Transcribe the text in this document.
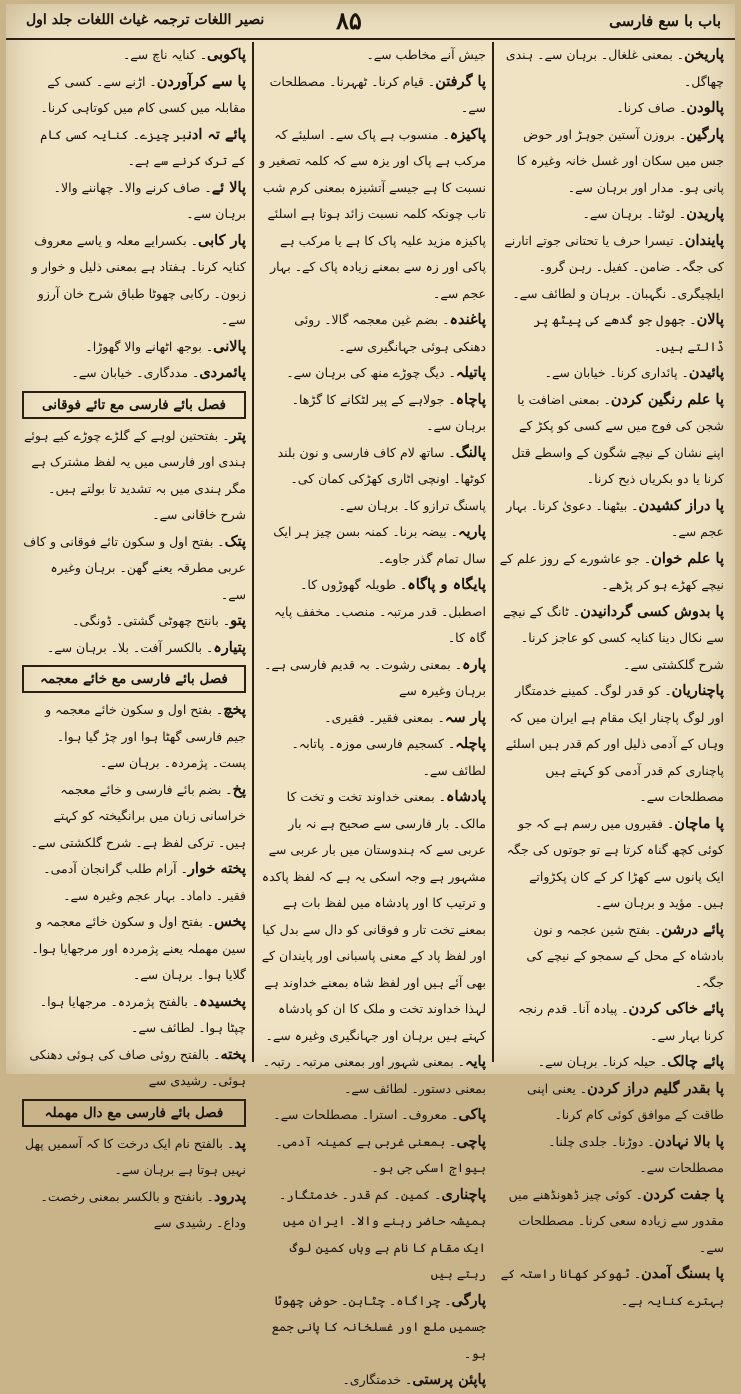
باب با سع فارسی
۸۵
نصیر اللغات ترجمہ غیاث اللغات جلد اول

پاریخن۔ بمعنی غلغال۔ برہان سے۔ ہندی چھاگل۔

پالودن۔ صاف کرنا۔

پارگین۔ بروزن آستین جوہڑ اور حوض جس میں سکان اور غسل خانہ وغیرہ کا پانی ہو۔ مدار اور برہان سے۔

پاریدن۔ لوٹنا۔ برہان سے۔

پایندان۔ تیسرا حرف یا تحتانی جوتے اتارنے کی جگہ۔ ضامن۔ کفیل۔ رہن گرو۔ ایلچیگری۔ نگہبان۔ برہان و لطائف سے۔

پالان۔ جھول جو گدھے کی پیٹھ پر ڈالتے ہیں۔

پائیدن۔ پائداری کرنا۔ خیابان سے۔

پا علم رنگین کردن۔ بمعنی اضافت یا شجن کی فوج میں سے کسی کو پکڑ کے اپنے نشان کے نیچے شگون کے واسطے قتل کرنا یا دو بکریاں ذبح کرنا۔

پا دراز کشیدن۔ بیٹھنا۔ دعویٰ کرنا۔ بہار عجم سے۔

پا علم خوان۔ جو عاشورے کے روز علم کے نیچے کھڑے ہو کر پڑھے۔

پا بدوش کسی گردانیدن۔ ٹانگ کے نیچے سے نکال دینا کنایہ کسی کو عاجز کرنا۔ شرح گلکشتی سے۔

پاچناریان۔ کو قدر لوگ۔ کمینے خدمتگار اور لوگ پاچنار ایک مقام ہے ایران میں کہ وہاں کے آدمی ذلیل اور کم قدر ہیں اسلئے پاچناری کم قدر آدمی کو کہتے ہیں مصطلحات سے۔

پا ماچان۔ فقیروں میں رسم ہے کہ جو کوئی کچھ گناہ کرتا ہے تو جوتوں کی جگہ ایک پانوں سے کھڑا کر کے کان پکڑواتے ہیں۔ مؤید و برہان سے۔

پائے درشن۔ بفتح شین عجمہ و نون بادشاہ کے محل کے سمجو کے نیچے کی جگہ۔

پائے خاکی کردن۔ پیادہ آنا۔ قدم رنجہ کرنا بہار سے۔

پائے چالک۔ حیلہ کرنا۔ برہان سے۔

پا بقدر گلیم دراز کردن۔ یعنی اپنی طاقت کے موافق کوئی کام کرنا۔

پا بالا نہادن۔ دوڑنا۔ جلدی چلنا۔ مصطلحات سے۔

پا جفت کردن۔ کوئی چیز ڈھونڈھنے میں مقدور سے زیادہ سعی کرنا۔ مصطلحات سے۔

پا بسنگ آمدن۔ ٹھوکر کھانا راستہ کے بہترے کنایہ ہے۔

جیش آنے مخاطب سے۔

پا گرفتن۔ قیام کرنا۔ ٹھہرنا۔ مصطلحات سے۔

پاکیزہ۔ منسوب ہے پاک سے۔ اسلیئے کہ مرکب ہے پاک اور یزہ سے کہ کلمہ تصغیر و نسبت کا ہے جیسے آتشیزہ بمعنی کرم شب تاب چونکہ کلمہ نسبت زائد ہوتا ہے اسلئے پاکیزہ مزید علیہ پاک کا ہے یا مرکب ہے پاکی اور زہ سے بمعنے زیادہ پاک کے۔ بہار عجم سے۔

پاغندہ۔ بضم غین معجمہ گالا۔ روئی دھنکی ہوئی جہانگیری سے۔

پاتیلہ۔ دیگ چوڑے منھ کی برہان سے۔

پاچاہ۔ جولاہے کے پیر لٹکانے کا گڑھا۔ برہان سے۔

پالنگ۔ ساتھ لام کاف فارسی و نون بلند کوٹھا۔ اونچی اٹاری کھڑکی کمان کی۔ پاسنگ ترازو کا۔ برہان سے۔

پاریہ۔ بیضہ برنا۔ کمنہ بسن چیز ہر ایک سال تمام گذر جاوے۔

پایگاہ و پاگاہ۔ طویلہ گھوڑوں کا۔ اصطبل۔ قدر مرتبہ۔ منصب۔ مخفف پایہ گاہ کا۔

پارہ۔ بمعنی رشوت۔ بہ قدیم فارسی ہے۔ برہان وغیرہ سے

پار سہ۔ بمعنی فقیر۔ فقیری۔

پاچلہ۔ کسجیم فارسی موزہ۔ پاتابہ۔ لطائف سے۔

پادشاہ۔ بمعنی خداوند تخت و تخت کا مالک۔ بار فارسی سے صحیح ہے نہ بار عربی سے کہ ہندوستان میں بار عربی سے مشہور ہے وجہ اسکی یہ ہے کہ لفظ پاکدہ و ترتیب کا اور پادشاہ میں لفظ بات ہے بمعنے تخت تار و فوقانی کو دال سے بدل کیا اور لفظ پاد کے معنی پاسبانی اور پایندان کے بھی آئے ہیں اور لفظ شاہ بمعنے خداوند ہے لہذا خداوند تخت و ملک کا ان کو پادشاہ کہتے ہیں برہان اور جہانگیری وغیرہ سے۔

پایہ۔ بمعنی شہور اور بمعنی مرتبہ۔ رتبہ۔ بمعنی دستور۔ لطائف سے۔

پاکی۔ معروف۔ استرا۔ مصطلحات سے۔

پاچی۔ بمعنی غربی ہے کمینہ آدمی۔ بیواج اسکی جی ہو۔

پاچناری۔ کمین۔ کم قدر۔ خدمتگار۔ ہمیشہ حاضر رہنے والا۔ ایران میں ایک مقام کا نام ہے وہاں کمین لوگ رہتے ہیں

پارگی۔ چراگاہ۔ چٹاہن۔ حوض چھوٹا جسمیں ملع اور غسلخانہ کا پانی جمع ہو۔

پاپئن پرستی۔ خدمتگاری۔

پاکوبی۔ کنایہ ناچ سے۔

پا سے کرآوردن۔ اڑنے سے۔ کسی کے مقابلہ میں کسی کام میں کوتاہی کرنا۔

پائے تہ ادنبر چیزے۔ کنایہ کسی کام کے ترک کرنے سے ہے۔

پالا ئے۔ صاف کرنے والا۔ چھاننے والا۔ برہان سے۔

پار کابی۔ بکسرایے معلہ و یاسے معروف کنایہ کرنا۔ ہفتاد ہے بمعنی ذلیل و خوار و زبون۔ رکابی چھوٹا طباق شرح خان آرزو سے۔

پالانی۔ بوجھ اٹھانے والا گھوڑا۔

پائمردی۔ مددگاری۔ خیابان سے۔

فصل بائے فارسی مع تائے فوقانی

پتر۔ بفتحتین لوہے کے گلڑے چوڑے کیے ہوئے ہندی اور فارسی میں یہ لفظ مشترک ہے مگر ہندی میں بہ تشدید تا بولتے ہیں۔ شرح خاقانی سے۔

پتک۔ بفتح اول و سکون تائے فوقانی و کاف عربی مطرقہ یعنے گھن۔ برہان وغیرہ سے۔

پتو۔ بانتح چھوٹی گشتی۔ ڈونگی۔

پتیارہ۔ بالکسر آفت۔ بلا۔ برہان سے۔

فصل بائے فارسی مع خائے معجمہ

پخچ۔ بفتح اول و سکون خائے معجمہ و جیم فارسی گھٹا ہوا اور چڑ گیا ہوا۔ پست۔ پژمردہ۔ برہان سے۔

پخ۔ بضم بائے فارسی و خائے معجمہ خراسانی زبان میں برانگیختہ کو کہتے ہیں۔ ترکی لفظ ہے۔ شرح گلکشتی سے۔

پخته خوار۔ آرام طلب گرانجان آدمی۔ فقیر۔ داماد۔ بہار عجم وغیرہ سے۔

پخس۔ بفتح اول و سکون خائے معجمہ و سین مھملہ یعنے پژمردہ اور مرجھایا ہوا۔ گلایا ہوا۔ برہان سے۔

پخسیدہ۔ بالفتح پژمردہ۔ مرجھایا ہوا۔ چپٹا ہوا۔ لطائف سے۔

پخته۔ بالفتح روئی صاف کی ہوئی دھنکی ہوئی۔ رشیدی سے

فصل بائے فارسی مع دال مھملہ

پد۔ بالفتح نام ایک درخت کا کہ آسمیں پھل نہیں ہوتا ہے برہان سے۔

پدرود۔ بانفتح و بالکسر بمعنی رخصت۔ وداع۔ رشیدی سے
